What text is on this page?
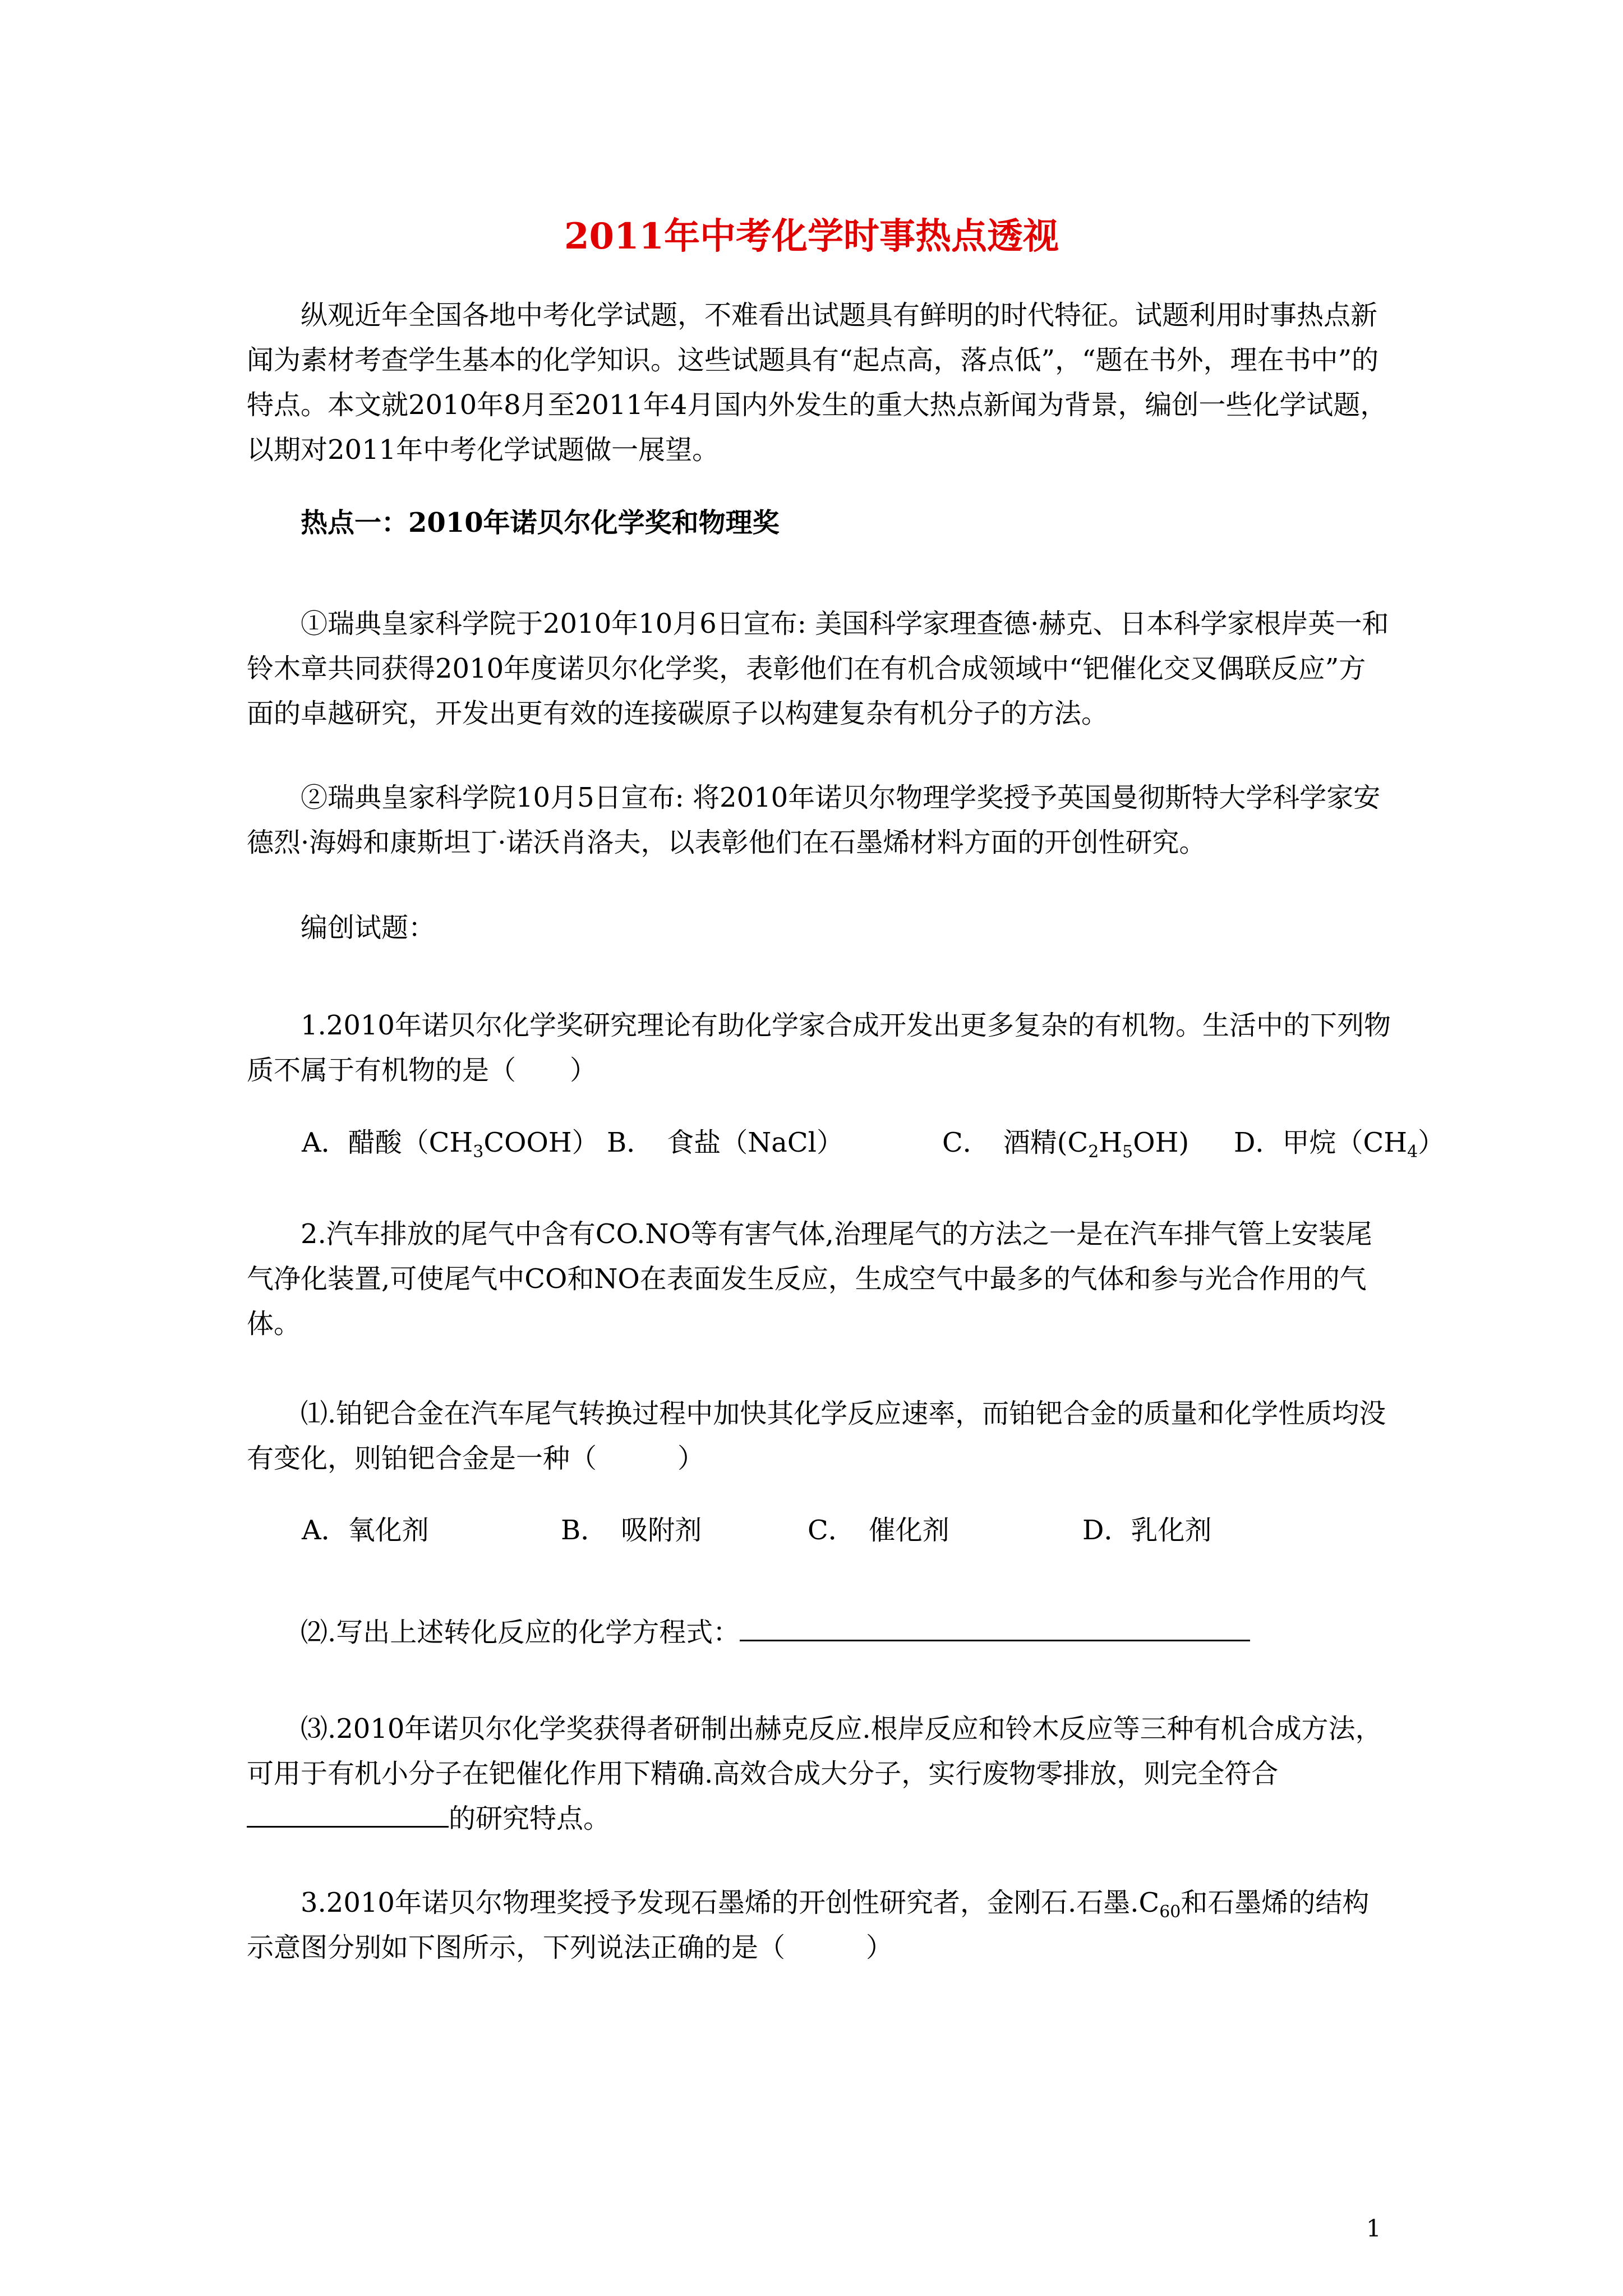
2011年中考化学时事热点透视

纵观近年全国各地中考化学试题，不难看出试题具有鲜明的时代特征。试题利用时事热点新闻为素材考查学生基本的化学知识。这些试题具有“起点高，落点低”，“题在书外，理在书中”的特点。本文就2010年8月至2011年4月国内外发生的重大热点新闻为背景，编创一些化学试题，以期对2011年中考化学试题做一展望。

热点一：2010年诺贝尔化学奖和物理奖

①瑞典皇家科学院于2010年10月6日宣布: 美国科学家理查德·赫克、日本科学家根岸英一和铃木章共同获得2010年度诺贝尔化学奖，表彰他们在有机合成领域中“钯催化交叉偶联反应”方面的卓越研究，开发出更有效的连接碳原子以构建复杂有机分子的方法。

②瑞典皇家科学院10月5日宣布: 将2010年诺贝尔物理学奖授予英国曼彻斯特大学科学家安德烈·海姆和康斯坦丁·诺沃肖洛夫，以表彰他们在石墨烯材料方面的开创性研究。

编创试题：

1.2010年诺贝尔化学奖研究理论有助化学家合成开发出更多复杂的有机物。生活中的下列物质不属于有机物的是（　　）

A．醋酸$(CH_3COOH)$ B．　食盐（NaCl）	C．　酒精$(C_2H_5OH)$ D．甲烷$(CH_4)$

2.汽车排放的尾气中含有CO.NO等有害气体,治理尾气的方法之一是在汽车排气管上安装尾气净化装置,可使尾气中CO和NO在表面发生反应，生成空气中最多的气体和参与光合作用的气体。

⑴.铂钯合金在汽车尾气转换过程中加快其化学反应速率，而铂钯合金的质量和化学性质均没有变化，则铂钯合金是一种（　　　）

A．氧化剂	B．　吸附剂	C．　催化剂	D．乳化剂

⑵.写出上述转化反应的化学方程式：

⑶.2010年诺贝尔化学奖获得者研制出赫克反应.根岸反应和铃木反应等三种有机合成方法，可用于有机小分子在钯催化作用下精确.高效合成大分子，实行废物零排放，则完全符合　的研究特点。

3.2010年诺贝尔物理奖授予发现石墨烯的开创性研究者，金刚石.石墨$.C_{60}$和石墨烯的结构示意图分别如下图所示，下列说法正确的是（　　　）

1
